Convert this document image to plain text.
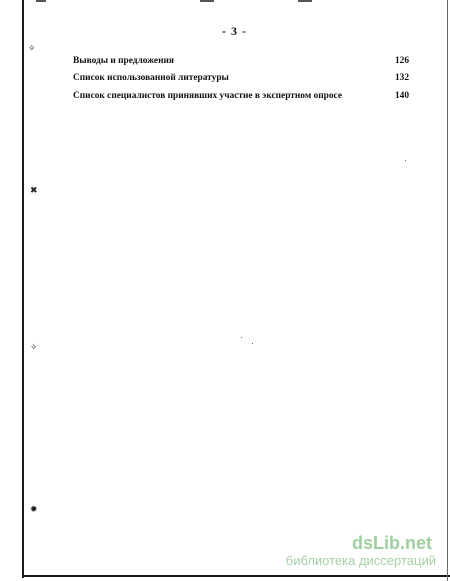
- 3 -
Выводы и предложения	126
Список использованной литературы	132
Список специалистов принявших участие в экспертном опросе	140
✧
✖
✧
✹
dsLib.net
библиотека диссертаций
